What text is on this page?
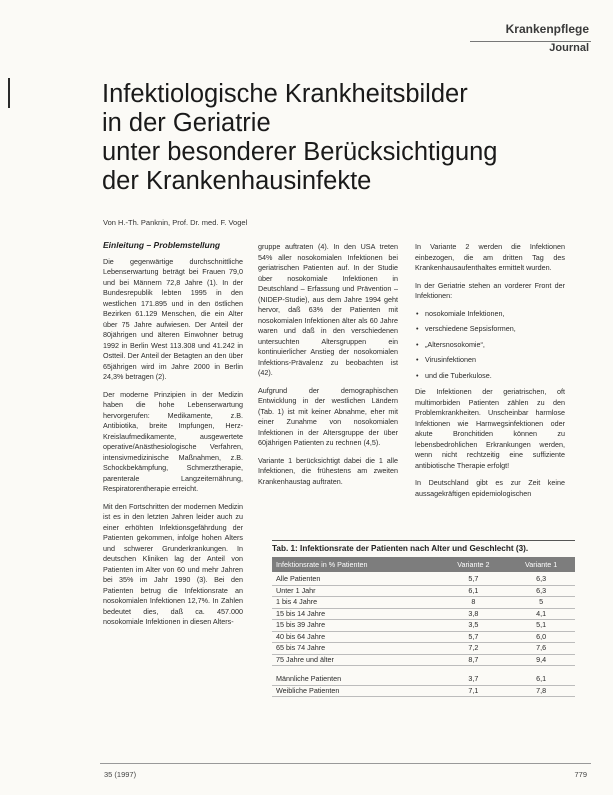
Krankenpflege
Journal
Infektiologische Krankheitsbilder
in der Geriatrie
unter besonderer Berücksichtigung
der Krankenhausinfekte
Von H.-Th. Panknin, Prof. Dr. med. F. Vogel
Einleitung – Problemstellung

Die gegenwärtige durchschnittliche Lebenserwartung beträgt bei Frauen 79,0 und bei Männern 72,8 Jahre (1). In der Bundesrepublik lebten 1995 in den westlichen 171.895 und in den östlichen Bezirken 61.129 Menschen, die ein Alter über 75 Jahre aufwiesen. Der Anteil der 80jährigen und älteren Einwohner betrug 1992 in Berlin West 113.308 und 41.242 in Ostteil. Der Anteil der Betagten an den über 65jährigen wird im Jahre 2000 in Berlin 24,3% betragen (2).

Der moderne Prinzipien in der Medizin haben die hohe Lebenserwartung hervorgerufen: Medikamente, z.B. Antibiotika, breite Impfungen, Herz-Kreislaufmedikamente, ausgewertete operative/Anästhesiologische Verfahren, intensivmedizinische Maßnahmen, z.B. Schockbekämpfung, Schmerztherapie, parenterale Langzeiternährung, Respiratorentherapie erreicht.

Mit den Fortschritten der modernen Medizin ist es in den letzten Jahren leider auch zu einer erhöhten Infektionsgefährdung der Patienten gekommen, infolge hohen Alters und schwerer Grunderkrankungen. In deutschen Kliniken lag der Anteil von Patienten im Alter von 60 und mehr Jahren bei 35% im Jahr 1990 (3). Bei den Patienten betrug die Infektionsrate an nosokomialen Infektionen 12,7%. In Zahlen bedeutet dies, daß ca. 457.000 nosokomiale Infektionen in diesen Alters-

gruppe auftraten (4). In den USA treten 54% aller nosokomialen Infektionen bei geriatrischen Patienten auf. In der Studie über nosokomiale Infektionen in Deutschland – Erfassung und Prävention – (NIDEP-Studie), aus dem Jahre 1994 geht hervor, daß 63% der Patienten mit nosokomialen Infektionen älter als 60 Jahre waren und daß in den verschiedenen untersuchten Altersgruppen ein kontinuierlicher Anstieg der nosokomialen Infektions-Prävalenz zu beobachten ist (42).

Aufgrund der demographischen Entwicklung in der westlichen Ländern (Tab. 1) ist mit keiner Abnahme, eher mit einer Zunahme von nosokomialen Infektionen in der Altersgruppe der über 60jährigen Patienten zu rechnen (4,5).

Variante 1 berücksichtigt dabei die 1 alle Infektionen, die frühestens am zweiten Krankenhaustag auftraten.

In Variante 2 werden die Infektionen einbezogen, die am dritten Tag des Krankenhausaufenthaltes ermittelt wurden.

In der Geriatrie stehen an vorderer Front der Infektionen:

• nosokomiale Infektionen,
• verschiedene Sepsisformen,
• „Altersnosokomie“,
• Virusinfektionen
• und die Tuberkulose.

Die Infektionen der geriatrischen, oft multimorbiden Patienten zählen zu den Problemkrankheiten. Unscheinbar harmlose Infektionen wie Harnwegsinfektionen oder akute Bronchitiden können zu lebensbedrohlichen Erkrankungen werden, wenn nicht rechtzeitig eine suffiziente antibiotische Therapie erfolgt!

In Deutschland gibt es zur Zeit keine aussagekräftigen epidemiologischen

Tab. 1: Infektionsrate der Patienten nach Alter und Geschlecht (3).
Infektionsrate in % Patienten	Variante 2	Variante 1
Alle Patienten	5,7	6,3
Unter 1 Jahr	6,1	6,3
1 bis 4 Jahre	8	5
15 bis 14 Jahre	3,8	4,1
15 bis 39 Jahre	3,5	5,1
40 bis 64 Jahre	5,7	6,0
65 bis 74 Jahre	7,2	7,6
75 Jahre und älter	8,7	9,4
Männliche Patienten	3,7	6,1
Weibliche Patienten	7,1	7,8
35 (1997)	779
